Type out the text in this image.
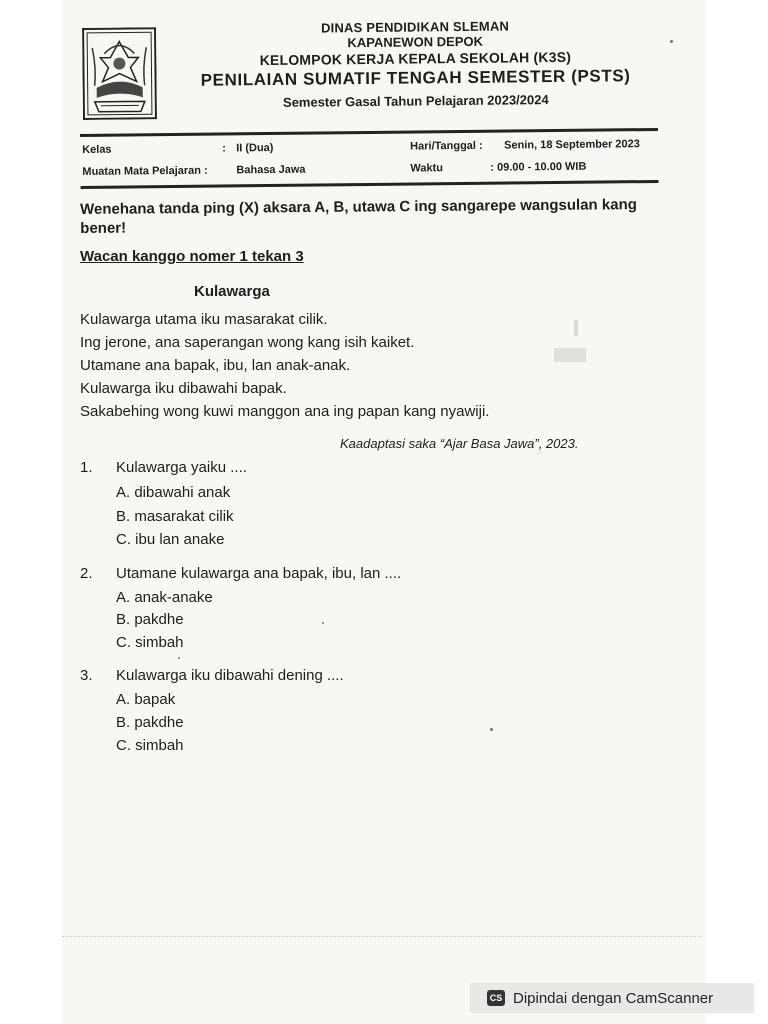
DINAS PENDIDIKAN SLEMAN
KAPANEWON DEPOK
KELOMPOK KERJA KEPALA SEKOLAH (K3S)
PENILAIAN SUMATIF TENGAH SEMESTER (PSTS)
Semester Gasal Tahun Pelajaran 2023/2024
Kelas	: II (Dua)	Hari/Tanggal : Senin, 18 September 2023
Muatan Mata Pelajaran :	Bahasa Jawa	Waktu	: 09.00 - 10.00 WIB
Wenehana tanda ping (X) aksara A, B, utawa C ing sangarepe wangsulan kang bener!
Wacan kanggo nomer 1 tekan 3
Kulawarga

Kulawarga utama iku masarakat cilik.

Ing jerone, ana saperangan wong kang isih kaiket.

Utamane ana bapak, ibu, lan anak-anak.

Kulawarga iku dibawahi bapak.

Sakabehing wong kuwi manggon ana ing papan kang nyawiji.

Kaadaptasi saka “Ajar Basa Jawa”, 2023.
1. Kulawarga yaiku ....
A. dibawahi anak
B. masarakat cilik
C. ibu lan anake
2. Utamane kulawarga ana bapak, ibu, lan ....
A. anak-anake
B. pakdhe
C. simbah
3. Kulawarga iku dibawahi dening ....
A. bapak
B. pakdhe
C. simbah
CS Dipindai dengan CamScanner
